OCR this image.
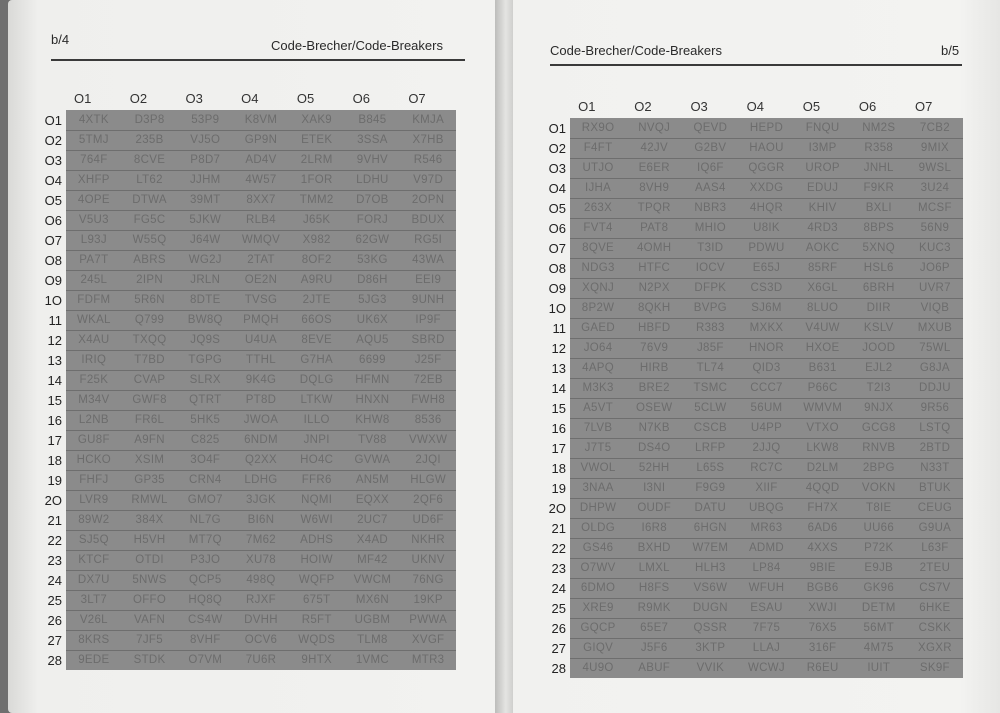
b/4	Code-Brecher/Code-Breakers	Code-Brecher/Code-Breakers	b/5
O1	O2	O3	O4	O5	O6	O7
O1	4XTK	D3P8	53P9	K8VM	XAK9	B845	KMJA
O2	5TMJ	235B	VJ5O	GP9N	ETEK	3SSA	X7HB
O3	764F	8CVE	P8D7	AD4V	2LRM	9VHV	R546
O4	XHFP	LT62	JJHM	4W57	1FOR	LDHU	V97D
O5	4OPE	DTWA	39MT	8XX7	TMM2	D7OB	2OPN
O6	V5U3	FG5C	5JKW	RLB4	J65K	FORJ	BDUX
O7	L93J	W55Q	J64W	WMQV	X982	62GW	RG5I
O8	PA7T	ABRS	WG2J	2TAT	8OF2	53KG	43WA
O9	245L	2IPN	JRLN	OE2N	A9RU	D86H	EEI9
1O	FDFM	5R6N	8DTE	TVSG	2JTE	5JG3	9UNH
11	WKAL	Q799	BW8Q	PMQH	66OS	UK6X	IP9F
12	X4AU	TXQQ	JQ9S	U4UA	8EVE	AQU5	SBRD
13	IRIQ	T7BD	TGPG	TTHL	G7HA	6699	J25F
14	F25K	CVAP	SLRX	9K4G	DQLG	HFMN	72EB
15	M34V	GWF8	QTRT	PT8D	LTKW	HNXN	FWH8
16	L2NB	FR6L	5HK5	JWOA	ILLO	KHW8	8536
17	GU8F	A9FN	C825	6NDM	JNPI	TV88	VWXW
18	HCKO	XSIM	3O4F	Q2XX	HO4C	GVWA	2JQI
19	FHFJ	GP35	CRN4	LDHG	FFR6	AN5M	HLGW
2O	LVR9	RMWL	GMO7	3JGK	NQMI	EQXX	2QF6
21	89W2	384X	NL7G	BI6N	W6WI	2UC7	UD6F
22	SJ5Q	H5VH	MT7Q	7M62	ADHS	X4AD	NKHR
23	KTCF	OTDI	P3JO	XU78	HOIW	MF42	UKNV
24	DX7U	5NWS	QCP5	498Q	WQFP	VWCM	76NG
25	3LT7	OFFO	HQ8Q	RJXF	675T	MX6N	19KP
26	V26L	VAFN	CS4W	DVHH	R5FT	UGBM	PWWA
27	8KRS	7JF5	8VHF	OCV6	WQDS	TLM8	XVGF
28	9EDE	STDK	O7VM	7U6R	9HTX	1VMC	MTR3
O1	O2	O3	O4	O5	O6	O7
O1	RX9O	NVQJ	QEVD	HEPD	FNQU	NM2S	7CB2
O2	F4FT	42JV	G2BV	HAOU	I3MP	R358	9MIX
O3	UTJO	E6ER	IQ6F	QGGR	UROP	JNHL	9WSL
O4	IJHA	8VH9	AAS4	XXDG	EDUJ	F9KR	3U24
O5	263X	TPQR	NBR3	4HQR	KHIV	BXLI	MCSF
O6	FVT4	PAT8	MHIO	U8IK	4RD3	8BPS	56N9
O7	8QVE	4OMH	T3ID	PDWU	AOKC	5XNQ	KUC3
O8	NDG3	HTFC	IOCV	E65J	85RF	HSL6	JO6P
O9	XQNJ	N2PX	DFPK	CS3D	X6GL	6BRH	UVR7
1O	8P2W	8QKH	BVPG	SJ6M	8LUO	DIIR	VIQB
11	GAED	HBFD	R383	MXKX	V4UW	KSLV	MXUB
12	JO64	76V9	J85F	HNOR	HXOE	JOOD	75WL
13	4APQ	HIRB	TL74	QID3	B631	EJL2	G8JA
14	M3K3	BRE2	TSMC	CCC7	P66C	T2I3	DDJU
15	A5VT	OSEW	5CLW	56UM	WMVM	9NJX	9R56
16	7LVB	N7KB	CSCB	U4PP	VTXO	GCG8	LSTQ
17	J7T5	DS4O	LRFP	2JJQ	LKW8	RNVB	2BTD
18	VWOL	52HH	L65S	RC7C	D2LM	2BPG	N33T
19	3NAA	I3NI	F9G9	XIIF	4QQD	VOKN	BTUK
2O	DHPW	OUDF	DATU	UBQG	FH7X	T8IE	CEUG
21	OLDG	I6R8	6HGN	MR63	6AD6	UU66	G9UA
22	GS46	BXHD	W7EM	ADMD	4XXS	P72K	L63F
23	O7WV	LMXL	HLH3	LP84	9BIE	E9JB	2TEU
24	6DMO	H8FS	VS6W	WFUH	BGB6	GK96	CS7V
25	XRE9	R9MK	DUGN	ESAU	XWJI	DETM	6HKE
26	GQCP	65E7	QSSR	7F75	76X5	56MT	CSKK
27	GIQV	J5F6	3KTP	LLAJ	316F	4M75	XGXR
28	4U9O	ABUF	VVIK	WCWJ	R6EU	IUIT	SK9F
